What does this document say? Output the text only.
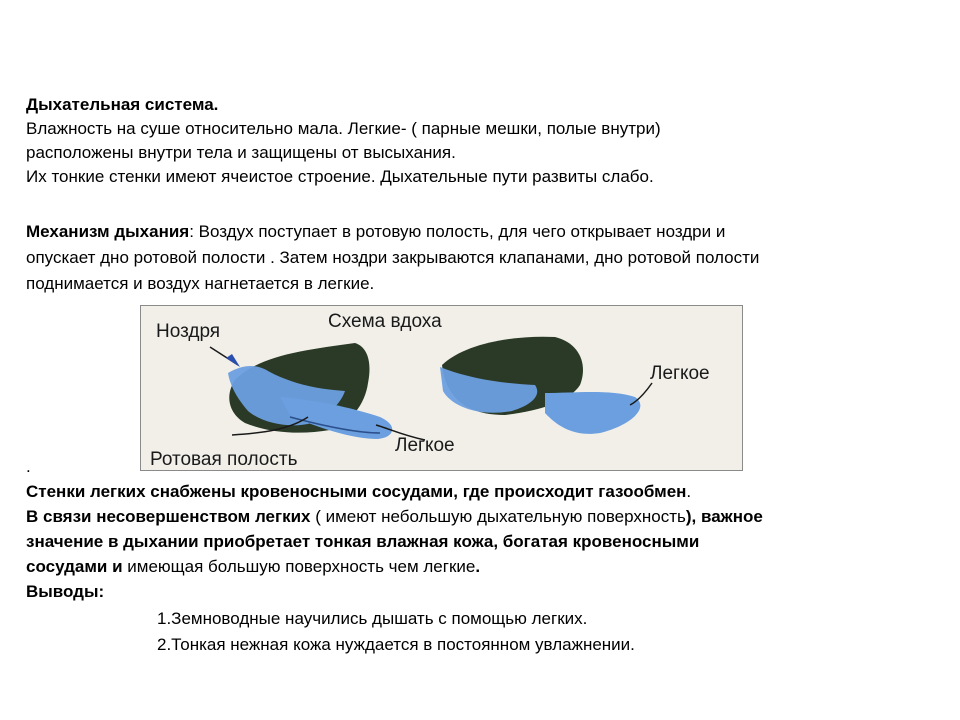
Дыхательная система.
Влажность на суше относительно мала. Легкие- ( парные мешки, полые внутри)
расположены внутри тела и защищены от высыхания.
Их тонкие стенки имеют ячеистое строение. Дыхательные пути развиты слабо.
Механизм дыхания: Воздух поступает в ротовую полость, для чего открывает ноздри и
опускает дно ротовой полости . Затем ноздри закрываются клапанами, дно ротовой полости
поднимается и воздух нагнетается в легкие.
Ноздря	Схема вдоха
Легкое
Легкое
Ротовая полость
.
Стенки легких снабжены кровеносными сосудами, где происходит газообмен.
В связи несовершенством легких ( имеют небольшую дыхательную поверхность), важное
значение в дыхании приобретает тонкая влажная кожа, богатая кровеносными
сосудами и имеющая большую поверхность чем легкие.
Выводы:
1.Земноводные научились дышать с помощью легких.
2.Тонкая нежная кожа нуждается в постоянном увлажнении.
